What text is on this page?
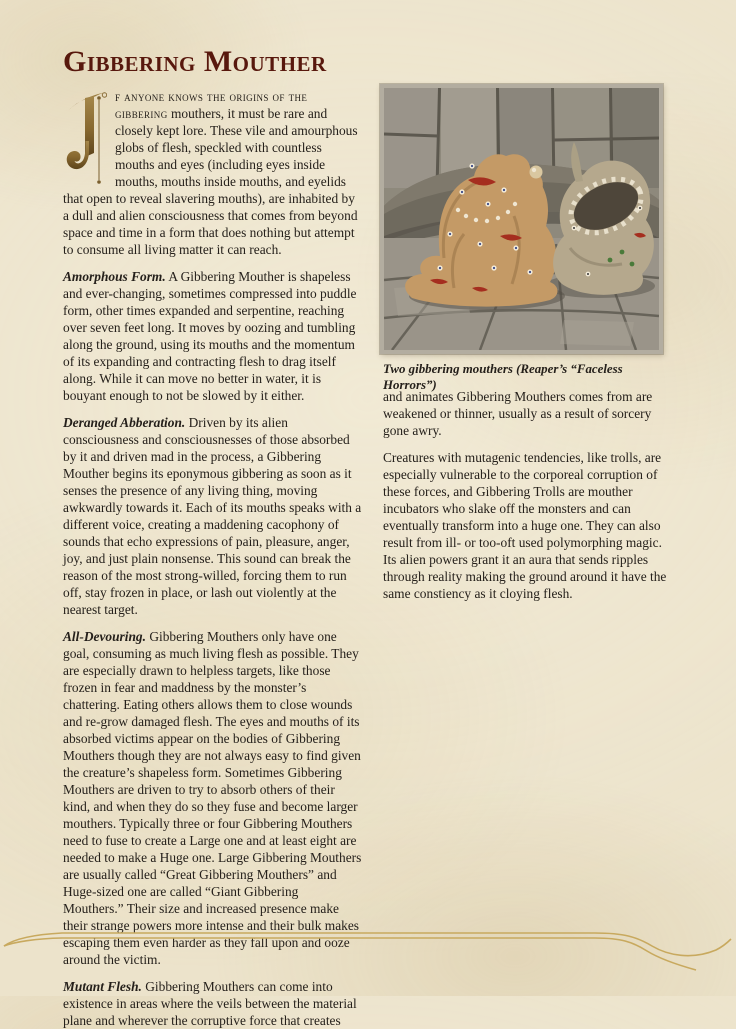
Gibbering Mouther
f anyone knows the origins of the gibbering mouthers, it must be rare and closely kept lore. These vile and amourphous globs of flesh, speckled with countless mouths and eyes (including eyes inside mouths, mouths inside mouths, and eyelids that open to reveal slavering mouths), are inhabited by a dull and alien consciousness that comes from beyond space and time in a form that does nothing but attempt to consume all living matter it can reach.

Amorphous Form. A Gibbering Mouther is shapeless and ever-changing, sometimes compressed into puddle form, other times expanded and serpentine, reaching over seven feet long. It moves by oozing and tumbling along the ground, using its mouths and the momentum of its expanding and contracting flesh to drag itself along. While it can move no better in water, it is bouyant enough to not be slowed by it either.

Deranged Abberation. Driven by its alien consciousness and consciousnesses of those absorbed by it and driven mad in the process, a Gibbering Mouther begins its eponymous gibbering as soon as it senses the presence of any living thing, moving awkwardly towards it. Each of its mouths speaks with a different voice, creating a maddening cacophony of sounds that echo expressions of pain, pleasure, anger, joy, and just plain nonsense. This sound can break the reason of the most strong-willed, forcing them to run off, stay frozen in place, or lash out violently at the nearest target.

All-Devouring. Gibbering Mouthers only have one goal, consuming as much living flesh as possible. They are especially drawn to helpless targets, like those frozen in fear and maddness by the monster’s chattering. Eating others allows them to close wounds and re-grow damaged flesh. The eyes and mouths of its absorbed victims appear on the bodies of Gibbering Mouthers though they are not always easy to find given the creature’s shapeless form. Sometimes Gibbering Mouthers are driven to try to absorb others of their kind, and when they do so they fuse and become larger mouthers. Typically three or four Gibbering Mouthers need to fuse to create a Large one and at least eight are needed to make a Huge one. Large Gibbering Mouthers are usually called “Great Gibbering Mouthers” and Huge-sized one are called “Giant Gibbering Mouthers.” Their size and increased presence make their strange powers more intense and their bulk makes escaping them even harder as they fall upon and ooze around the victim.

Mutant Flesh. Gibbering Mouthers can come into existence in areas where the veils between the material plane and wherever the corruptive force that creates

Two gibbering mouthers (Reaper’s “Faceless Horrors”)

and animates Gibbering Mouthers comes from are weakened or thinner, usually as a result of sorcery gone awry.

Creatures with mutagenic tendencies, like trolls, are especially vulnerable to the corporeal corruption of these forces, and Gibbering Trolls are mouther incubators who slake off the monsters and can eventually transform into a huge one. They can also result from ill- or too-oft used polymorphing magic. Its alien powers grant it an aura that sends ripples through reality making the ground around it have the same constiency as it cloying flesh.
